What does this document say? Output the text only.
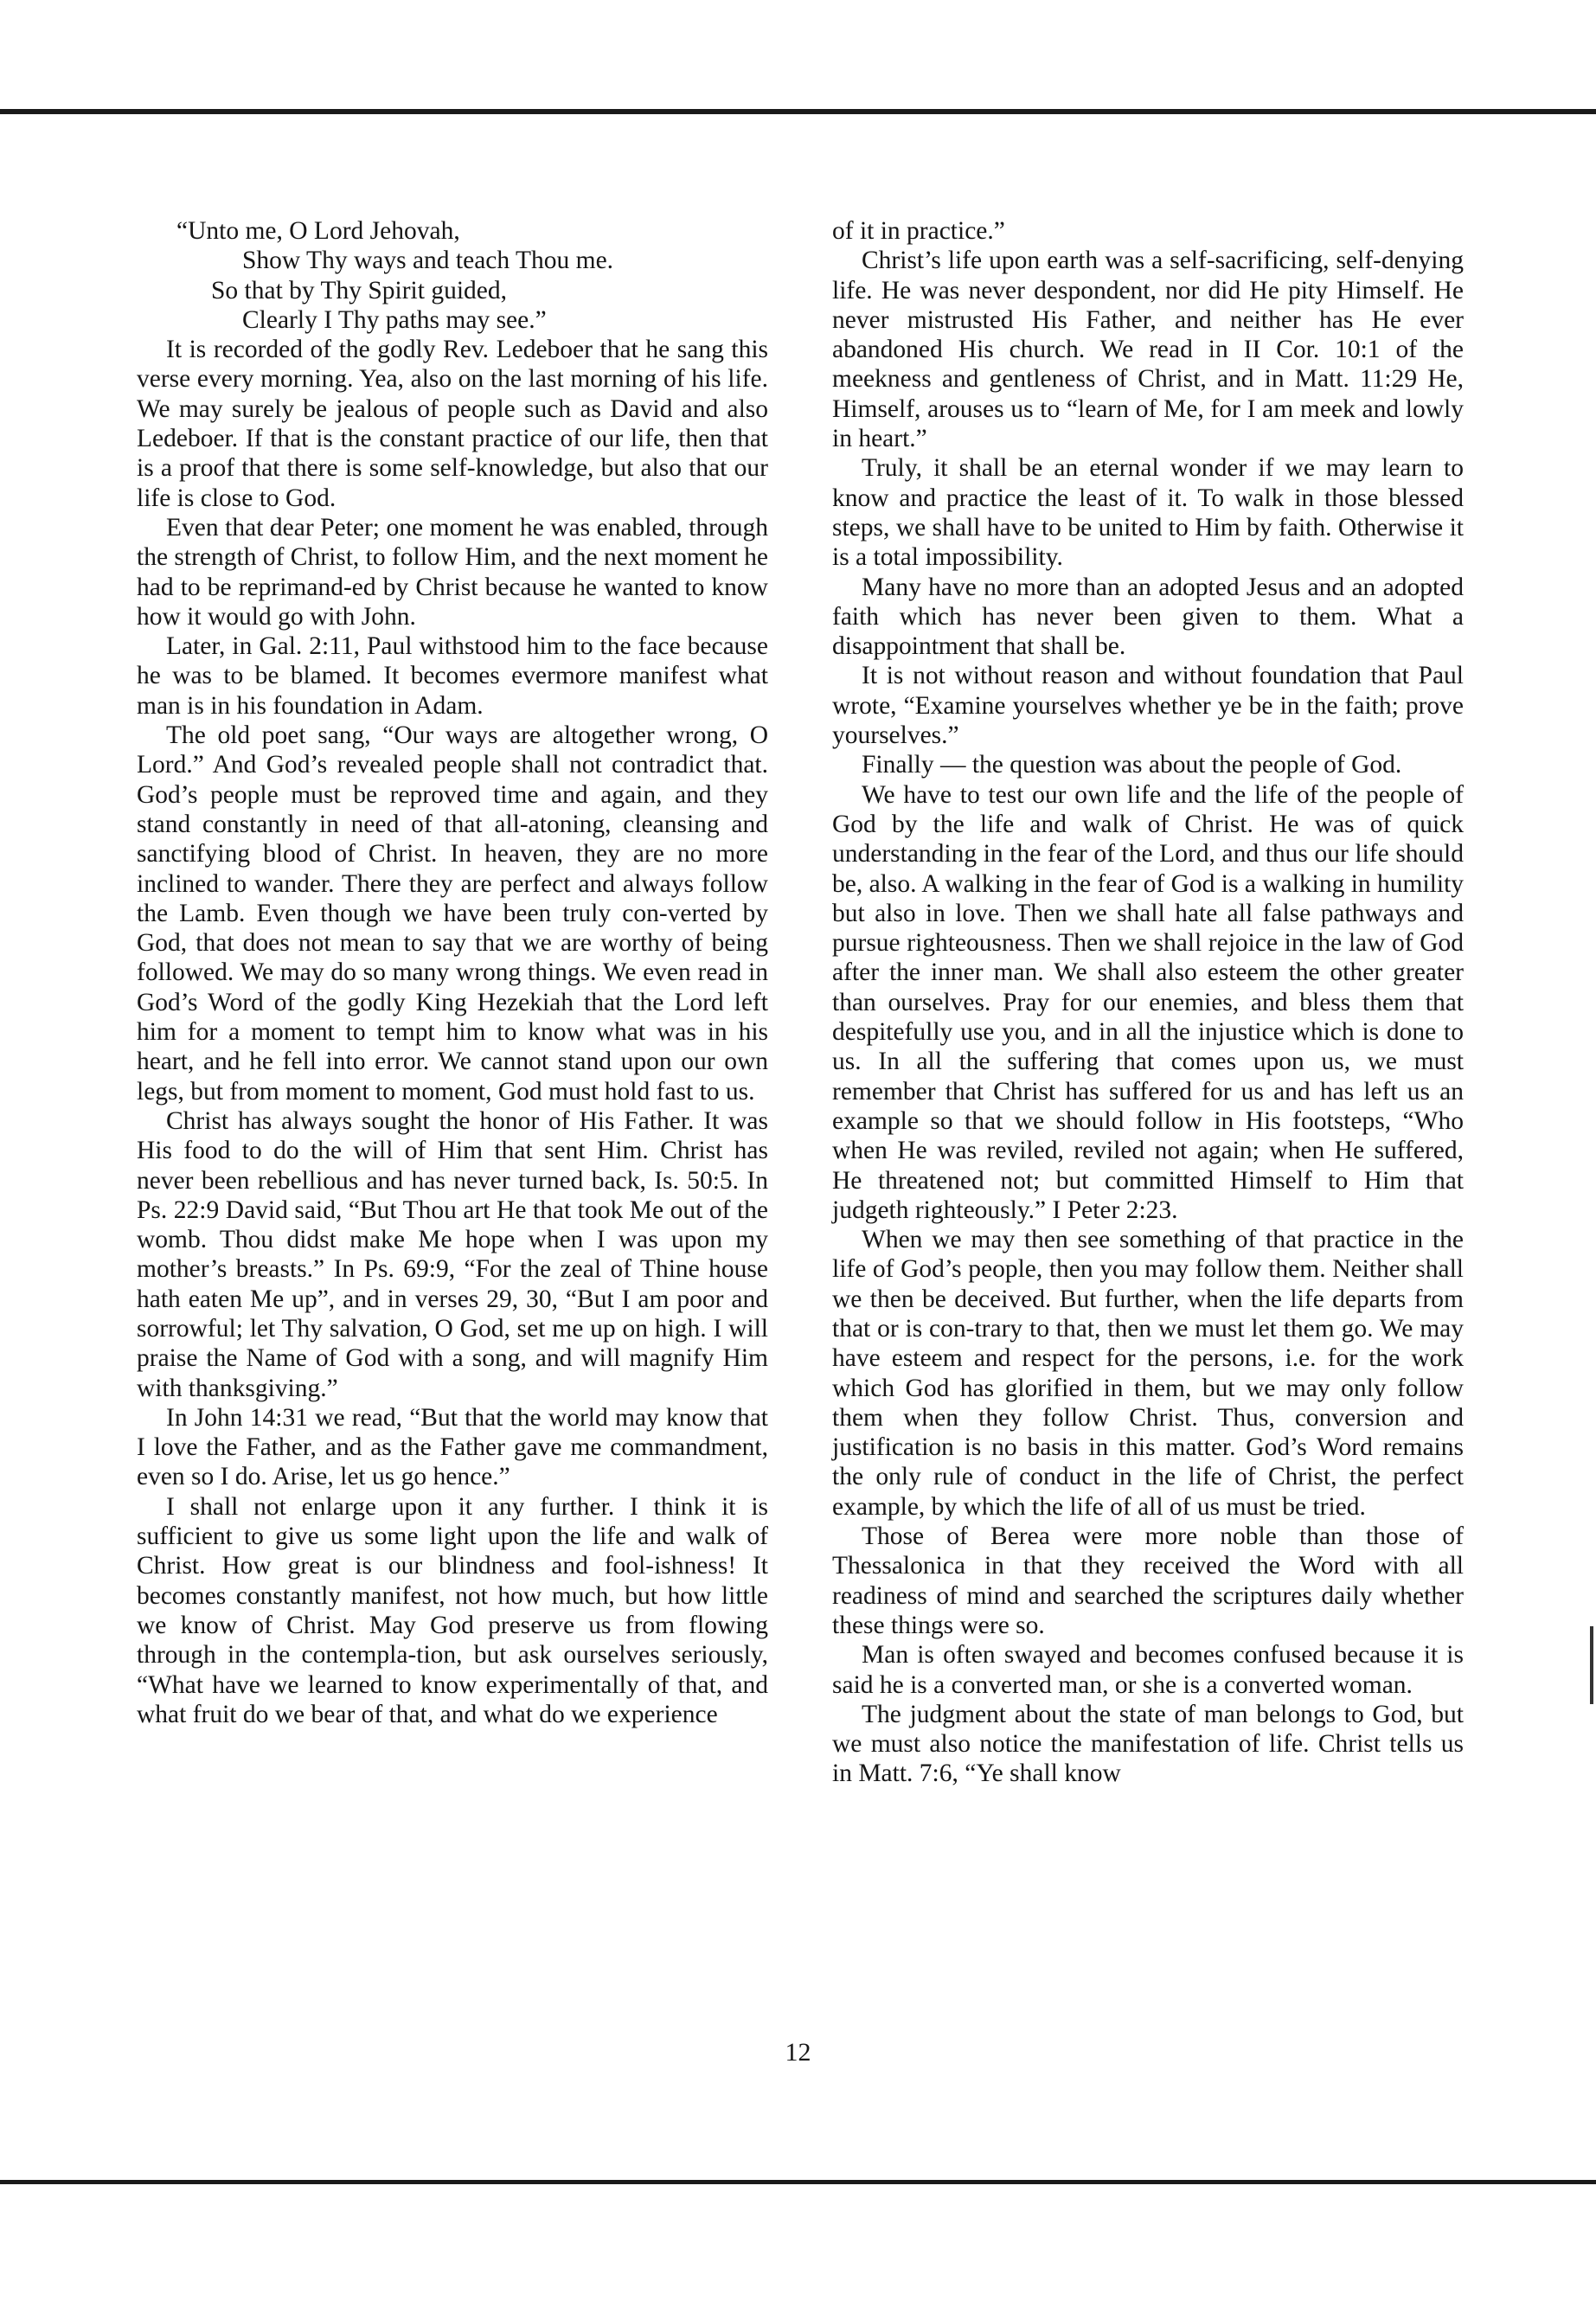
“Unto me, O Lord Jehovah,
Show Thy ways and teach Thou me.
So that by Thy Spirit guided,
Clearly I Thy paths may see.”

It is recorded of the godly Rev. Ledeboer that he sang this verse every morning. Yea, also on the last morning of his life. We may surely be jealous of people such as David and also Ledeboer. If that is the constant practice of our life, then that is a proof that there is some self-knowledge, but also that our life is close to God.

Even that dear Peter; one moment he was enabled, through the strength of Christ, to follow Him, and the next moment he had to be reprimand-ed by Christ because he wanted to know how it would go with John.

Later, in Gal. 2:11, Paul withstood him to the face because he was to be blamed. It becomes evermore manifest what man is in his foundation in Adam.

The old poet sang, “Our ways are altogether wrong, O Lord.” And God’s revealed people shall not contradict that. God’s people must be reproved time and again, and they stand constantly in need of that all-atoning, cleansing and sanctifying blood of Christ. In heaven, they are no more inclined to wander. There they are perfect and always follow the Lamb. Even though we have been truly con-verted by God, that does not mean to say that we are worthy of being followed. We may do so many wrong things. We even read in God’s Word of the godly King Hezekiah that the Lord left him for a moment to tempt him to know what was in his heart, and he fell into error. We cannot stand upon our own legs, but from moment to moment, God must hold fast to us.

Christ has always sought the honor of His Father. It was His food to do the will of Him that sent Him. Christ has never been rebellious and has never turned back, Is. 50:5. In Ps. 22:9 David said, “But Thou art He that took Me out of the womb. Thou didst make Me hope when I was upon my mother’s breasts.” In Ps. 69:9, “For the zeal of Thine house hath eaten Me up”, and in verses 29, 30, “But I am poor and sorrowful; let Thy salvation, O God, set me up on high. I will praise the Name of God with a song, and will magnify Him with thanksgiving.”

In John 14:31 we read, “But that the world may know that I love the Father, and as the Father gave me commandment, even so I do. Arise, let us go hence.”

I shall not enlarge upon it any further. I think it is sufficient to give us some light upon the life and walk of Christ. How great is our blindness and fool-ishness! It becomes constantly manifest, not how much, but how little we know of Christ. May God preserve us from flowing through in the contempla-tion, but ask ourselves seriously, “What have we learned to know experimentally of that, and what fruit do we bear of that, and what do we experience

of it in practice.”

Christ’s life upon earth was a self-sacrificing, self-denying life. He was never despondent, nor did He pity Himself. He never mistrusted His Father, and neither has He ever abandoned His church. We read in II Cor. 10:1 of the meekness and gentleness of Christ, and in Matt. 11:29 He, Himself, arouses us to “learn of Me, for I am meek and lowly in heart.”

Truly, it shall be an eternal wonder if we may learn to know and practice the least of it. To walk in those blessed steps, we shall have to be united to Him by faith. Otherwise it is a total impossibility.

Many have no more than an adopted Jesus and an adopted faith which has never been given to them. What a disappointment that shall be.

It is not without reason and without foundation that Paul wrote, “Examine yourselves whether ye be in the faith; prove yourselves.”

Finally — the question was about the people of God.

We have to test our own life and the life of the people of God by the life and walk of Christ. He was of quick understanding in the fear of the Lord, and thus our life should be, also. A walking in the fear of God is a walking in humility but also in love. Then we shall hate all false pathways and pursue righteousness. Then we shall rejoice in the law of God after the inner man. We shall also esteem the other greater than ourselves. Pray for our enemies, and bless them that despitefully use you, and in all the injustice which is done to us. In all the suffering that comes upon us, we must remember that Christ has suffered for us and has left us an example so that we should follow in His footsteps, “Who when He was reviled, reviled not again; when He suffered, He threatened not; but committed Himself to Him that judgeth righteously.” I Peter 2:23.

When we may then see something of that practice in the life of God’s people, then you may follow them. Neither shall we then be deceived. But further, when the life departs from that or is con-trary to that, then we must let them go. We may have esteem and respect for the persons, i.e. for the work which God has glorified in them, but we may only follow them when they follow Christ. Thus, conversion and justification is no basis in this matter. God’s Word remains the only rule of conduct in the life of Christ, the perfect example, by which the life of all of us must be tried.

Those of Berea were more noble than those of Thessalonica in that they received the Word with all readiness of mind and searched the scriptures daily whether these things were so.

Man is often swayed and becomes confused because it is said he is a converted man, or she is a converted woman.

The judgment about the state of man belongs to God, but we must also notice the manifestation of life. Christ tells us in Matt. 7:6, “Ye shall know

12
